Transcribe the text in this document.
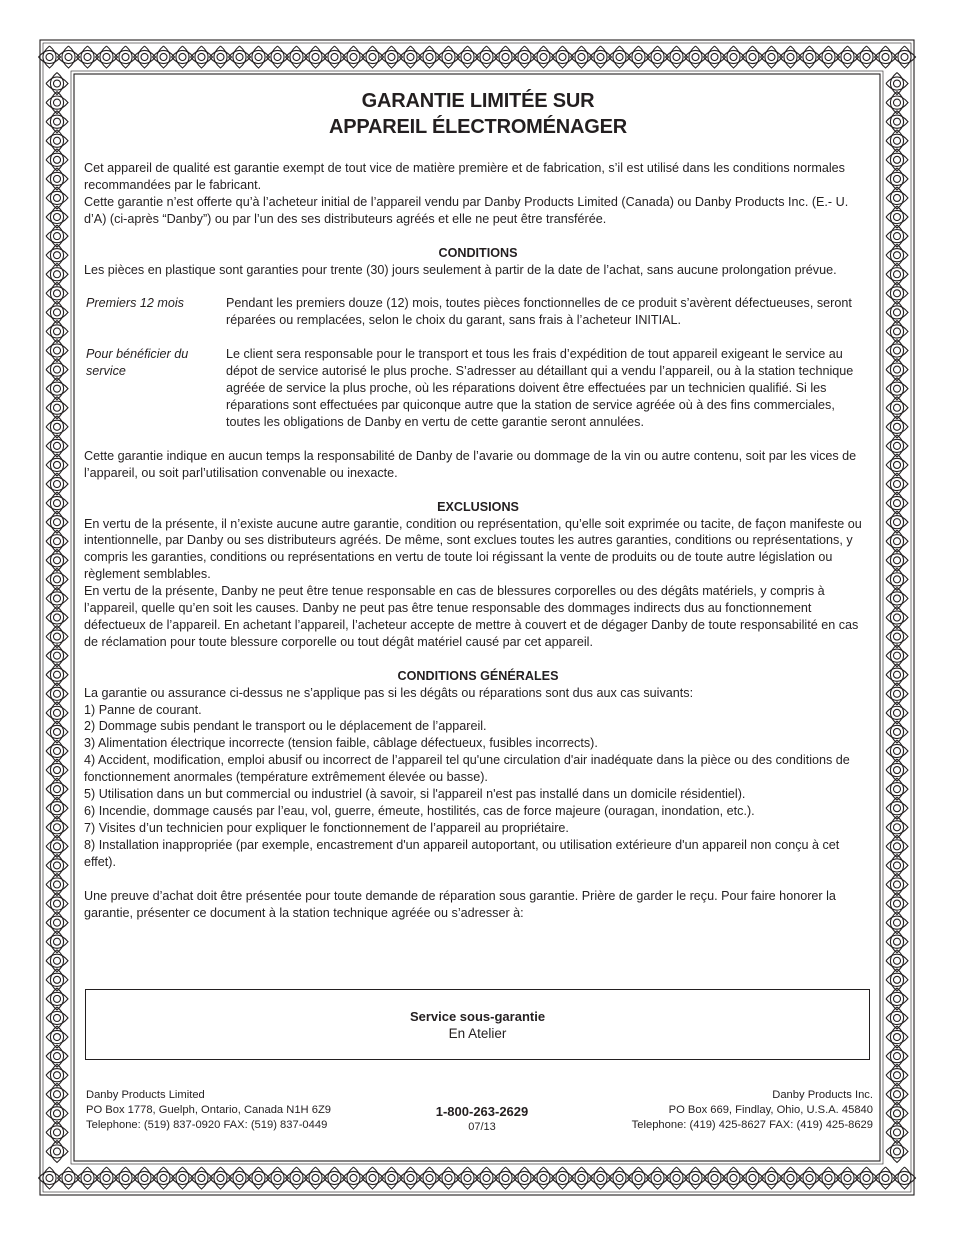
GARANTIE LIMITÉE SUR
APPAREIL ÉLECTROMÉNAGER

Cet appareil de qualité est garantie exempt de tout vice de matière première et de fabrication, s’il est utilisé dans les conditions normales recommandées par le fabricant.

Cette garantie n’est offerte qu’à l’acheteur initial de l’appareil vendu par Danby Products Limited (Canada) ou Danby Products Inc. (E.- U. d’A) (ci-après “Danby”) ou par l’un des ses distributeurs agréés et elle ne peut être transférée.

CONDITIONS

Les pièces en plastique sont garanties pour trente (30) jours seulement à partir de la date de l’achat, sans aucune prolongation prévue.

Premiers 12 mois	Pendant les premiers douze (12) mois, toutes pièces fonctionnelles de ce produit s’avèrent défectueuses, seront réparées ou remplacées, selon le choix du garant, sans frais à l’acheteur INITIAL.
Pour bénéficier du service
Le client sera responsable pour le transport et tous les frais d’expédition de tout appareil exigeant le service au dépot de service autorisé le plus proche. S’adresser au détaillant qui a vendu l’appareil, ou à la station technique agréée de service la plus proche, où les réparations doivent être effectuées par un technicien qualifié. Si les réparations sont effectuées par quiconque autre que la station de service agréée où à des fins commerciales, toutes les obligations de Danby en vertu de cette garantie seront annulées.

Cette garantie indique en aucun temps la responsabilité de Danby de l’avarie ou dommage de la vin ou autre contenu, soit par les vices de l’appareil, ou soit parl’utilisation convenable ou inexacte.

EXCLUSIONS

En vertu de la présente, il n’existe aucune autre garantie, condition ou représentation, qu’elle soit exprimée ou tacite, de façon manifeste ou intentionnelle, par Danby ou ses distributeurs agréés. De même, sont exclues toutes les autres garanties, conditions ou représentations, y compris les garanties, conditions ou représentations en vertu de toute loi régissant la vente de produits ou de toute autre législation ou règlement semblables.

En vertu de la présente, Danby ne peut être tenue responsable en cas de blessures corporelles ou des dégâts matériels, y compris à l’appareil, quelle qu’en soit les causes. Danby ne peut pas être tenue responsable des dommages indirects dus au fonctionnement défectueux de l’appareil. En achetant l’appareil, l’acheteur accepte de mettre à couvert et de dégager Danby de toute responsabilité en cas de réclamation pour toute blessure corporelle ou tout dégât matériel causé par cet appareil.

CONDITIONS GÉNÉRALES

La garantie ou assurance ci-dessus ne s’applique pas si les dégâts ou réparations sont dus aux cas suivants:

1) Panne de courant.

2) Dommage subis pendant le transport ou le déplacement de l’appareil.

3) Alimentation électrique incorrecte (tension faible, câblage défectueux, fusibles incorrects).

4) Accident, modification, emploi abusif ou incorrect de l’appareil tel qu'une circulation d'air inadéquate dans la pièce ou des conditions de fonctionnement anormales (température extrêmement élevée ou basse).

5) Utilisation dans un but commercial ou industriel (à savoir, si l'appareil n'est pas installé dans un domicile résidentiel).

6) Incendie, dommage causés par l’eau, vol, guerre, émeute, hostilités, cas de force majeure (ouragan, inondation, etc.).

7) Visites d’un technicien pour expliquer le fonctionnement de l’appareil au propriétaire.

8) Installation inappropriée (par exemple, encastrement d'un appareil autoportant, ou utilisation extérieure d'un appareil non conçu à cet effet).

Une preuve d’achat doit être présentée pour toute demande de réparation sous garantie. Prière de garder le reçu. Pour faire honorer la garantie, présenter ce document à la station technique agréée ou s’adresser à:

Service sous-garantie
En Atelier
Danby Products Limited
PO Box 1778, Guelph, Ontario, Canada N1H 6Z9
Telephone: (519) 837-0920 FAX: (519) 837-0449
1-800-263-2629
07/13
Danby Products Inc.
PO Box 669, Findlay, Ohio, U.S.A. 45840
Telephone: (419) 425-8627 FAX: (419) 425-8629
